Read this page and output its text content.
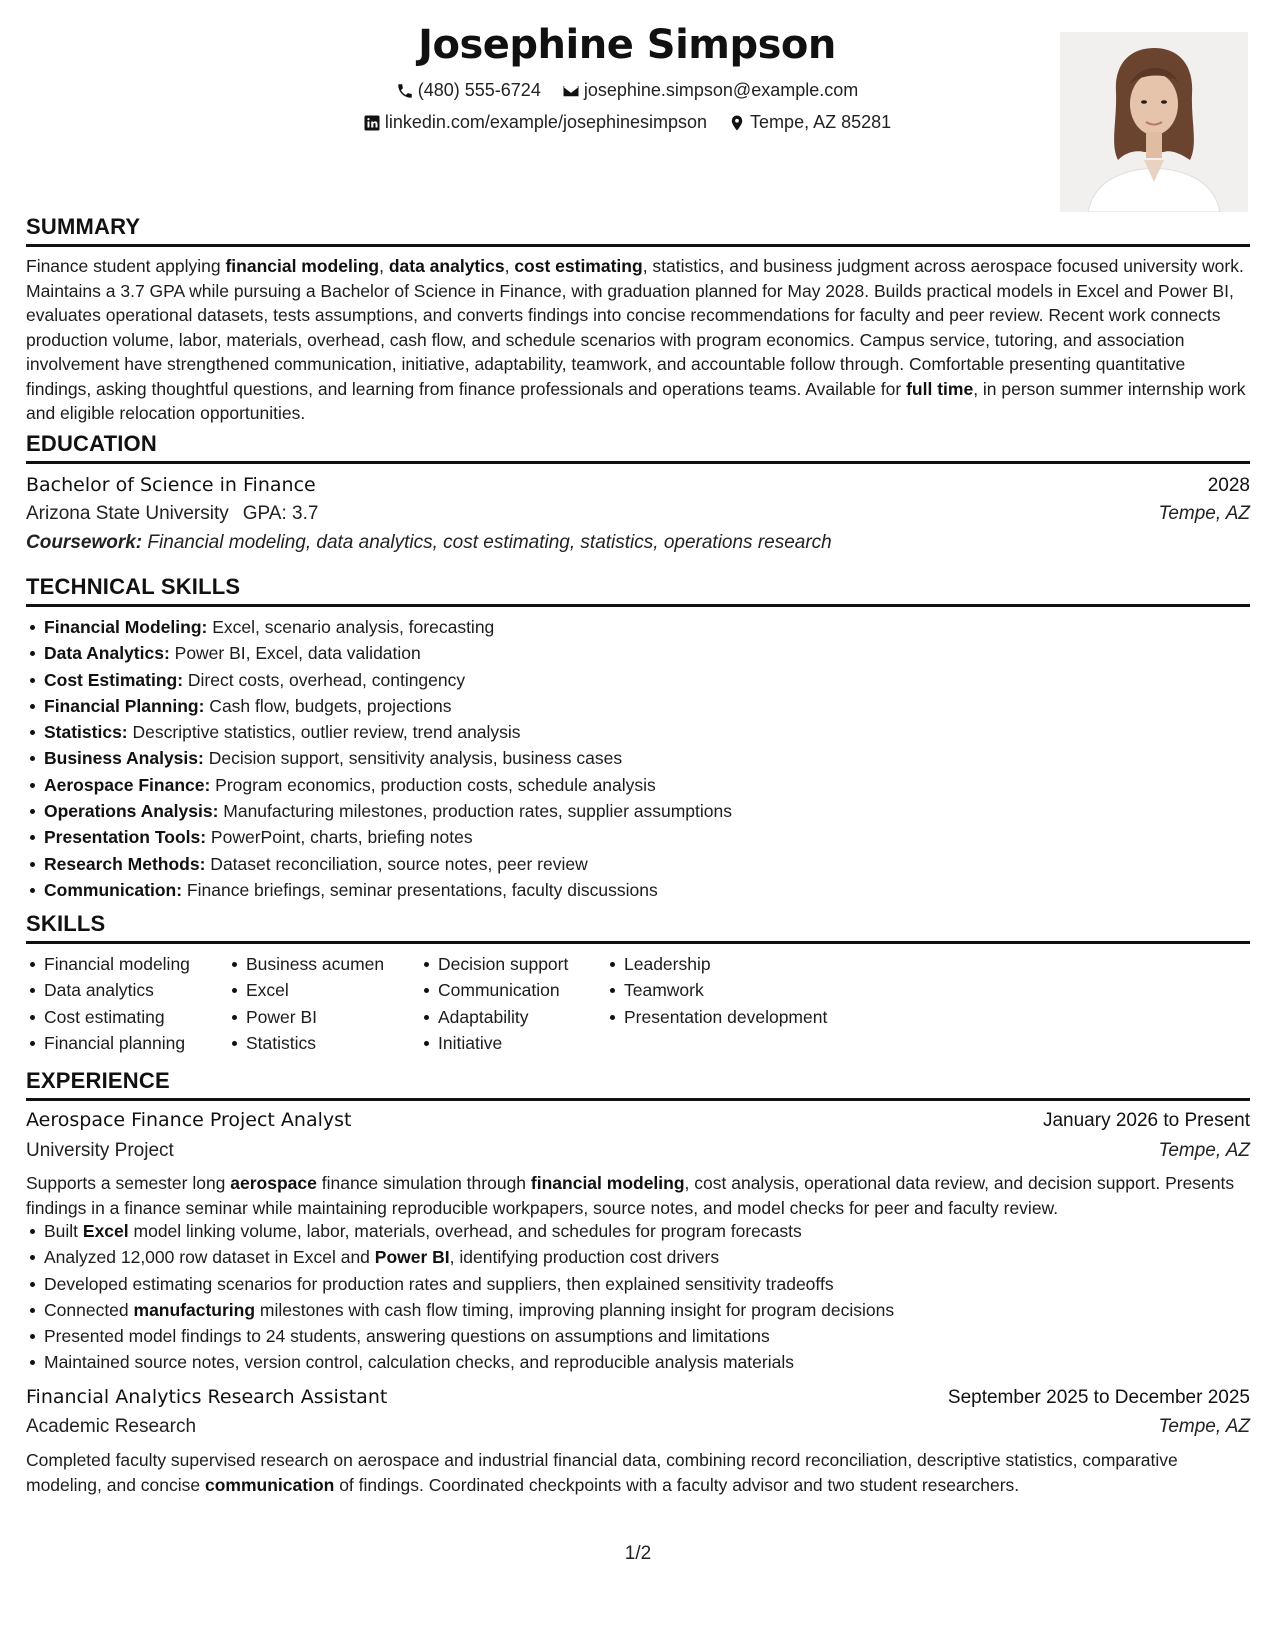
Josephine Simpson
(480) 555-6724
josephine.simpson@example.com
linkedin.com/example/josephinesimpson
Tempe, AZ 85281
SUMMARY
Finance student applying financial modeling, data analytics, cost estimating, statistics, and business judgment across aerospace focused university work. Maintains a 3.7 GPA while pursuing a Bachelor of Science in Finance, with graduation planned for May 2028. Builds practical models in Excel and Power BI, evaluates operational datasets, tests assumptions, and converts findings into concise recommendations for faculty and peer review. Recent work connects production volume, labor, materials, overhead, cash flow, and schedule scenarios with program economics. Campus service, tutoring, and association involvement have strengthened communication, initiative, adaptability, teamwork, and accountable follow through. Comfortable presenting quantitative findings, asking thoughtful questions, and learning from finance professionals and operations teams. Available for full time, in person summer internship work and eligible relocation opportunities.
EDUCATION
Bachelor of Science in Finance	2028
Arizona State University GPA: 3.7	Tempe, AZ
Coursework: Financial modeling, data analytics, cost estimating, statistics, operations research
TECHNICAL SKILLS
Financial Modeling: Excel, scenario analysis, forecasting
Data Analytics: Power BI, Excel, data validation
Cost Estimating: Direct costs, overhead, contingency
Financial Planning: Cash flow, budgets, projections
Statistics: Descriptive statistics, outlier review, trend analysis
Business Analysis: Decision support, sensitivity analysis, business cases
Aerospace Finance: Program economics, production costs, schedule analysis
Operations Analysis: Manufacturing milestones, production rates, supplier assumptions
Presentation Tools: PowerPoint, charts, briefing notes
Research Methods: Dataset reconciliation, source notes, peer review
Communication: Finance briefings, seminar presentations, faculty discussions
SKILLS
Financial modeling
Data analytics
Cost estimating
Financial planning
Business acumen
Excel
Power BI
Statistics
Decision support
Communication
Adaptability
Initiative
Leadership
Teamwork
Presentation development
EXPERIENCE
Aerospace Finance Project Analyst	January 2026 to Present
University Project	Tempe, AZ
Supports a semester long aerospace finance simulation through financial modeling, cost analysis, operational data review, and decision support. Presents findings in a finance seminar while maintaining reproducible workpapers, source notes, and model checks for peer and faculty review.
Built Excel model linking volume, labor, materials, overhead, and schedules for program forecasts
Analyzed 12,000 row dataset in Excel and Power BI, identifying production cost drivers
Developed estimating scenarios for production rates and suppliers, then explained sensitivity tradeoffs
Connected manufacturing milestones with cash flow timing, improving planning insight for program decisions
Presented model findings to 24 students, answering questions on assumptions and limitations
Maintained source notes, version control, calculation checks, and reproducible analysis materials
Financial Analytics Research Assistant	September 2025 to December 2025
Academic Research	Tempe, AZ
Completed faculty supervised research on aerospace and industrial financial data, combining record reconciliation, descriptive statistics, comparative modeling, and concise communication of findings. Coordinated checkpoints with a faculty advisor and two student researchers.
1/2
